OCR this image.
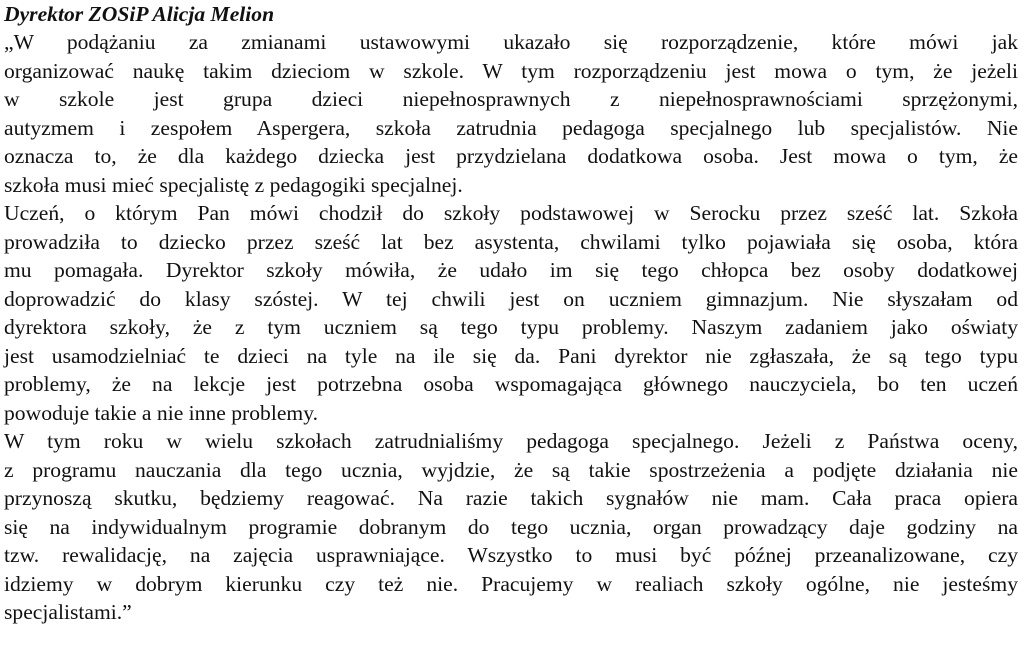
Dyrektor ZOSiP Alicja Melion
„W podążaniu za zmianami ustawowymi ukazało się rozporządzenie, które mówi jak
organizować naukę takim dzieciom w szkole. W tym rozporządzeniu jest mowa o tym, że jeżeli
w szkole jest grupa dzieci niepełnosprawnych z niepełnosprawnościami sprzężonymi,
autyzmem i zespołem Aspergera, szkoła zatrudnia pedagoga specjalnego lub specjalistów. Nie
oznacza to, że dla każdego dziecka jest przydzielana dodatkowa osoba. Jest mowa o tym, że
szkoła musi mieć specjalistę z pedagogiki specjalnej.
Uczeń, o którym Pan mówi chodził do szkoły podstawowej w Serocku przez sześć lat. Szkoła
prowadziła to dziecko przez sześć lat bez asystenta, chwilami tylko pojawiała się osoba, która
mu pomagała. Dyrektor szkoły mówiła, że udało im się tego chłopca bez osoby dodatkowej
doprowadzić do klasy szóstej. W tej chwili jest on uczniem gimnazjum. Nie słyszałam od
dyrektora szkoły, że z tym uczniem są tego typu problemy. Naszym zadaniem jako oświaty
jest usamodzielniać te dzieci na tyle na ile się da. Pani dyrektor nie zgłaszała, że są tego typu
problemy, że na lekcje jest potrzebna osoba wspomagająca głównego nauczyciela, bo ten uczeń
powoduje takie a nie inne problemy.
W tym roku w wielu szkołach zatrudnialiśmy pedagoga specjalnego. Jeżeli z Państwa oceny,
z programu nauczania dla tego ucznia, wyjdzie, że są takie spostrzeżenia a podjęte działania nie
przynoszą skutku, będziemy reagować. Na razie takich sygnałów nie mam. Cała praca opiera
się na indywidualnym programie dobranym do tego ucznia, organ prowadzący daje godziny na
tzw. rewalidację, na zajęcia usprawniające. Wszystko to musi być późnej przeanalizowane, czy
idziemy w dobrym kierunku czy też nie. Pracujemy w realiach szkoły ogólne, nie jesteśmy
specjalistami.”
